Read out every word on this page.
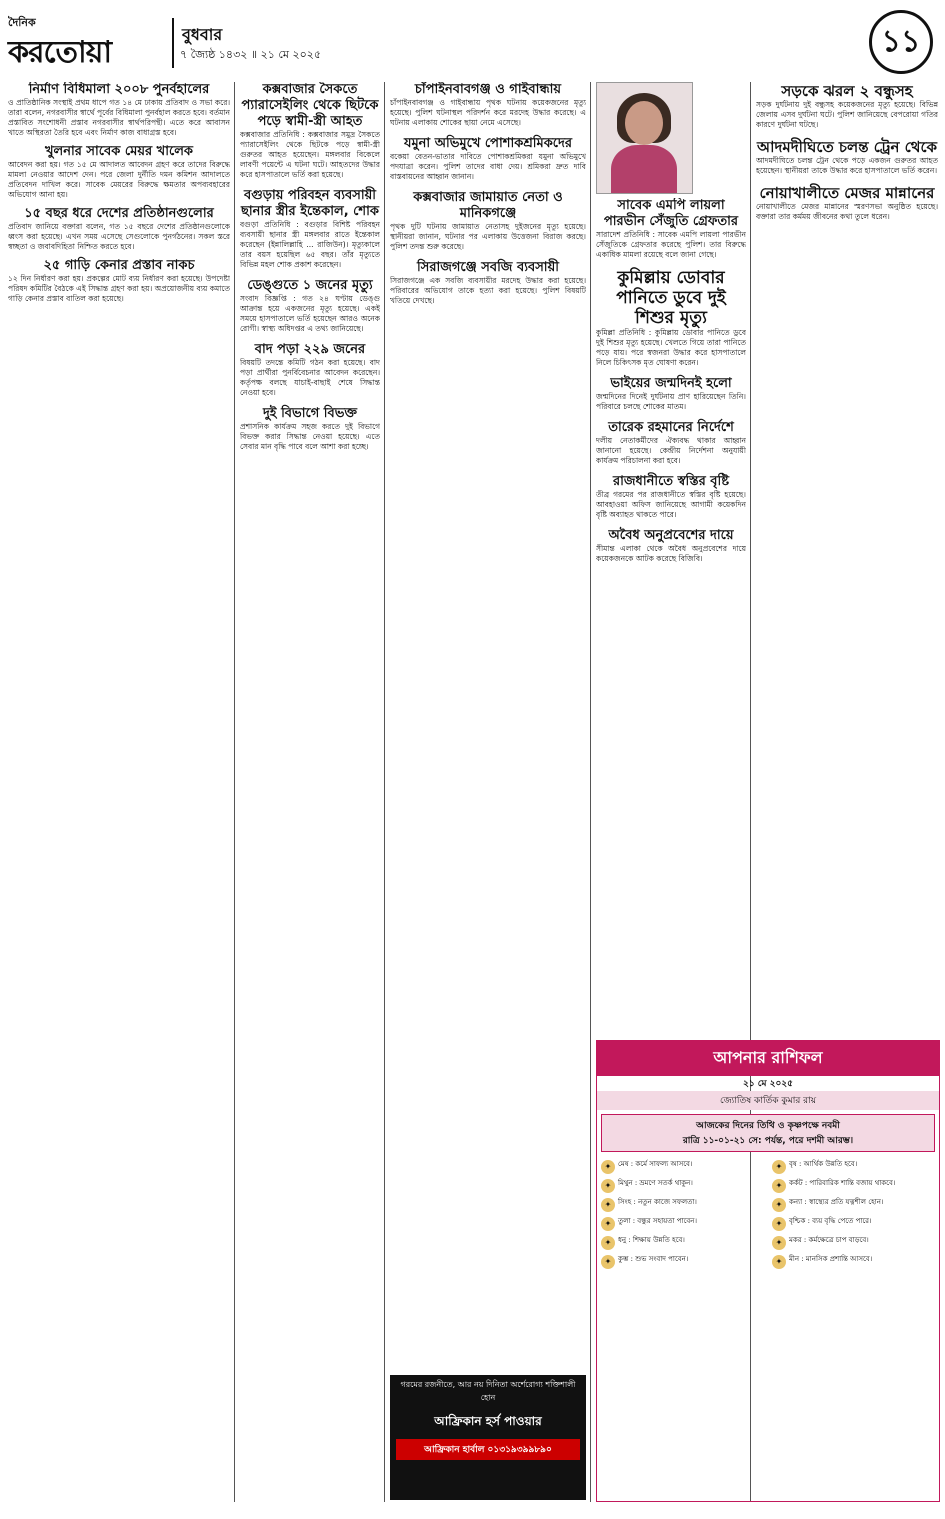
দৈনিক
করতোয়া
বুধবার
৭ জ্যৈষ্ঠ ১৪৩২ ॥ ২১ মে ২০২৫	১১
নির্মাণ বিধিমালা ২০০৮ পুনর্বহালের

ও প্রাতিষ্ঠানিক সংস্থাই প্রথম ধাপে গত ১৪ মে ঢাকায় প্রতিবাদ ও সভা করে। তারা বলেন, নগরবাসীর স্বার্থে পূর্বের বিধিমালা পুনর্বহাল করতে হবে। বর্তমান প্রস্তাবিত সংশোধনী প্রস্তাব নগরবাসীর স্বার্থপরিপন্থী। এতে করে আবাসন খাতে অস্থিরতা তৈরি হবে এবং নির্মাণ কাজ বাধাগ্রস্ত হবে।

খুলনার সাবেক মেয়র খালেক

আবেদন করা হয়। গত ১৫ মে আদালত আবেদন গ্রহণ করে তাদের বিরুদ্ধে মামলা নেওয়ার আদেশ দেন। পরে জেলা দুর্নীতি দমন কমিশন আদালতে প্রতিবেদন দাখিল করে। সাবেক মেয়রের বিরুদ্ধে ক্ষমতার অপব্যবহারের অভিযোগ আনা হয়।

১৫ বছর ধরে দেশের প্রতিষ্ঠানগুলোর

প্রতিবাদ জানিয়ে বক্তারা বলেন, গত ১৫ বছরে দেশের প্রতিষ্ঠানগুলোকে ধ্বংস করা হয়েছে। এখন সময় এসেছে সেগুলোকে পুনর্গঠনের। সকল স্তরে স্বচ্ছতা ও জবাবদিহিতা নিশ্চিত করতে হবে।

২৫ গাড়ি কেনার প্রস্তাব নাকচ

১২ দিন নির্ধারণ করা হয়। প্রকল্পের মোট ব্যয় নির্ধারণ করা হয়েছে। উপদেষ্টা পরিষদ কমিটির বৈঠকে এই সিদ্ধান্ত গ্রহণ করা হয়। অপ্রয়োজনীয় ব্যয় কমাতে গাড়ি কেনার প্রস্তাব বাতিল করা হয়েছে।

কক্সবাজার সৈকতে প্যারাসেইলিং থেকে ছিটকে পড়ে স্বামী-স্ত্রী আহত

কক্সবাজার প্রতিনিধি : কক্সবাজার সমুদ্র সৈকতে প্যারাসেইলিং থেকে ছিটকে পড়ে স্বামী-স্ত্রী গুরুতর আহত হয়েছেন। মঙ্গলবার বিকেলে লাবণী পয়েন্টে এ ঘটনা ঘটে। আহতদের উদ্ধার করে হাসপাতালে ভর্তি করা হয়েছে।

বগুড়ায় পরিবহন ব্যবসায়ী ছানার স্ত্রীর ইন্তেকাল, শোক

বগুড়া প্রতিনিধি : বগুড়ার বিশিষ্ট পরিবহন ব্যবসায়ী ছানার স্ত্রী মঙ্গলবার রাতে ইন্তেকাল করেছেন (ইন্নালিল্লাহি ... রাজিউন)। মৃত্যুকালে তার বয়স হয়েছিল ৬৫ বছর। তাঁর মৃত্যুতে বিভিন্ন মহল শোক প্রকাশ করেছেন।

ডেঙ্গুতে ১ জনের মৃত্যু

সংবাদ বিজ্ঞপ্তি : গত ২৪ ঘণ্টায় ডেঙ্গু আক্রান্ত হয়ে একজনের মৃত্যু হয়েছে। একই সময়ে হাসপাতালে ভর্তি হয়েছেন আরও অনেক রোগী। স্বাস্থ্য অধিদপ্তর এ তথ্য জানিয়েছে।

বাদ পড়া ২২৯ জনের

বিষয়টি তদন্তে কমিটি গঠন করা হয়েছে। বাদ পড়া প্রার্থীরা পুনর্বিবেচনার আবেদন করেছেন। কর্তৃপক্ষ বলছে যাচাই-বাছাই শেষে সিদ্ধান্ত নেওয়া হবে।

দুই বিভাগে বিভক্ত

প্রশাসনিক কার্যক্রম সহজ করতে দুই বিভাগে বিভক্ত করার সিদ্ধান্ত নেওয়া হয়েছে। এতে সেবার মান বৃদ্ধি পাবে বলে আশা করা হচ্ছে।

চাঁপাইনবাবগঞ্জ ও গাইবান্ধায়

চাঁপাইনবাবগঞ্জ ও গাইবান্ধায় পৃথক ঘটনায় কয়েকজনের মৃত্যু হয়েছে। পুলিশ ঘটনাস্থল পরিদর্শন করে মরদেহ উদ্ধার করেছে। এ ঘটনায় এলাকায় শোকের ছায়া নেমে এসেছে।

যমুনা অভিমুখে পোশাকশ্রমিকদের

বকেয়া বেতন-ভাতার দাবিতে পোশাকশ্রমিকরা যমুনা অভিমুখে পদযাত্রা করেন। পুলিশ তাদের বাধা দেয়। শ্রমিকরা দ্রুত দাবি বাস্তবায়নের আহ্বান জানান।

কক্সবাজার জামায়াত নেতা ও মানিকগঞ্জে

পৃথক দুটি ঘটনায় জামায়াত নেতাসহ দুইজনের মৃত্যু হয়েছে। স্থানীয়রা জানান, ঘটনার পর এলাকায় উত্তেজনা বিরাজ করছে। পুলিশ তদন্ত শুরু করেছে।

সিরাজগঞ্জে সবজি ব্যবসায়ী

সিরাজগঞ্জে এক সবজি ব্যবসায়ীর মরদেহ উদ্ধার করা হয়েছে। পরিবারের অভিযোগ তাকে হত্যা করা হয়েছে। পুলিশ বিষয়টি খতিয়ে দেখছে।

গরমের রজনীতে, আর নয় দিনিতা অর্শেরোগ্য শক্তিশালী হোন
আফ্রিকান হর্স পাওয়ার
আফ্রিকান হার্বাল ০১৩১৯৩৯৯৮৯০
সাবেক এমপি লায়লা পারভীন সেঁজুতি গ্রেফতার

সারাদেশ প্রতিনিধি : সাবেক এমপি লায়লা পারভীন সেঁজুতিকে গ্রেফতার করেছে পুলিশ। তার বিরুদ্ধে একাধিক মামলা রয়েছে বলে জানা গেছে।

কুমিল্লায় ডোবার পানিতে ডুবে দুই শিশুর মৃত্যু

কুমিল্লা প্রতিনিধি : কুমিল্লায় ডোবার পানিতে ডুবে দুই শিশুর মৃত্যু হয়েছে। খেলতে গিয়ে তারা পানিতে পড়ে যায়। পরে স্বজনরা উদ্ধার করে হাসপাতালে নিলে চিকিৎসক মৃত ঘোষণা করেন।

ভাইয়ের জন্মদিনই হলো

জন্মদিনের দিনেই দুর্ঘটনায় প্রাণ হারিয়েছেন তিনি। পরিবারে চলছে শোকের মাতম।

তারেক রহমানের নির্দেশে

দলীয় নেতাকর্মীদের ঐক্যবদ্ধ থাকার আহ্বান জানানো হয়েছে। কেন্দ্রীয় নির্দেশনা অনুযায়ী কার্যক্রম পরিচালনা করা হবে।

রাজধানীতে স্বস্তির বৃষ্টি

তীব্র গরমের পর রাজধানীতে স্বস্তির বৃষ্টি হয়েছে। আবহাওয়া অফিস জানিয়েছে আগামী কয়েকদিন বৃষ্টি অব্যাহত থাকতে পারে।

অবৈধ অনুপ্রবেশের দায়ে

সীমান্ত এলাকা থেকে অবৈধ অনুপ্রবেশের দায়ে কয়েকজনকে আটক করেছে বিজিবি।

সড়কে ঝরল ২ বন্ধুসহ

সড়ক দুর্ঘটনায় দুই বন্ধুসহ কয়েকজনের মৃত্যু হয়েছে। বিভিন্ন জেলায় এসব দুর্ঘটনা ঘটে। পুলিশ জানিয়েছে বেপরোয়া গতির কারণে দুর্ঘটনা ঘটছে।

আদমদীঘিতে চলন্ত ট্রেন থেকে

আদমদীঘিতে চলন্ত ট্রেন থেকে পড়ে একজন গুরুতর আহত হয়েছেন। স্থানীয়রা তাকে উদ্ধার করে হাসপাতালে ভর্তি করেন।

নোয়াখালীতে মেজর মান্নানের

নোয়াখালীতে মেজর মান্নানের স্মরণসভা অনুষ্ঠিত হয়েছে। বক্তারা তার কর্মময় জীবনের কথা তুলে ধরেন।

আপনার রাশিফল
২১ মে ২০২৫
জ্যোতিষ কার্তিক কুমার রায়
আজকের দিনের তিথি ও কৃষ্ণপক্ষে নবমী
রাত্রি ১১-০১-২১ সে: পর্যন্ত, পরে দশমী আরম্ভ।
✦ মেষ : কর্মে সাফল্য আসবে।	✦ বৃষ : আর্থিক উন্নতি হবে।
✦ মিথুন : ভ্রমণে সতর্ক থাকুন।	✦ কর্কট : পারিবারিক শান্তি বজায় থাকবে।
✦ সিংহ : নতুন কাজে সফলতা।	✦ কন্যা : স্বাস্থ্যের প্রতি যত্নশীল হোন।
✦ তুলা : বন্ধুর সহায়তা পাবেন।	✦ বৃশ্চিক : ব্যয় বৃদ্ধি পেতে পারে।
✦ ধনু : শিক্ষায় উন্নতি হবে।	✦ মকর : কর্মক্ষেত্রে চাপ বাড়বে।
✦ কুম্ভ : শুভ সংবাদ পাবেন।	✦ মীন : মানসিক প্রশান্তি আসবে।
